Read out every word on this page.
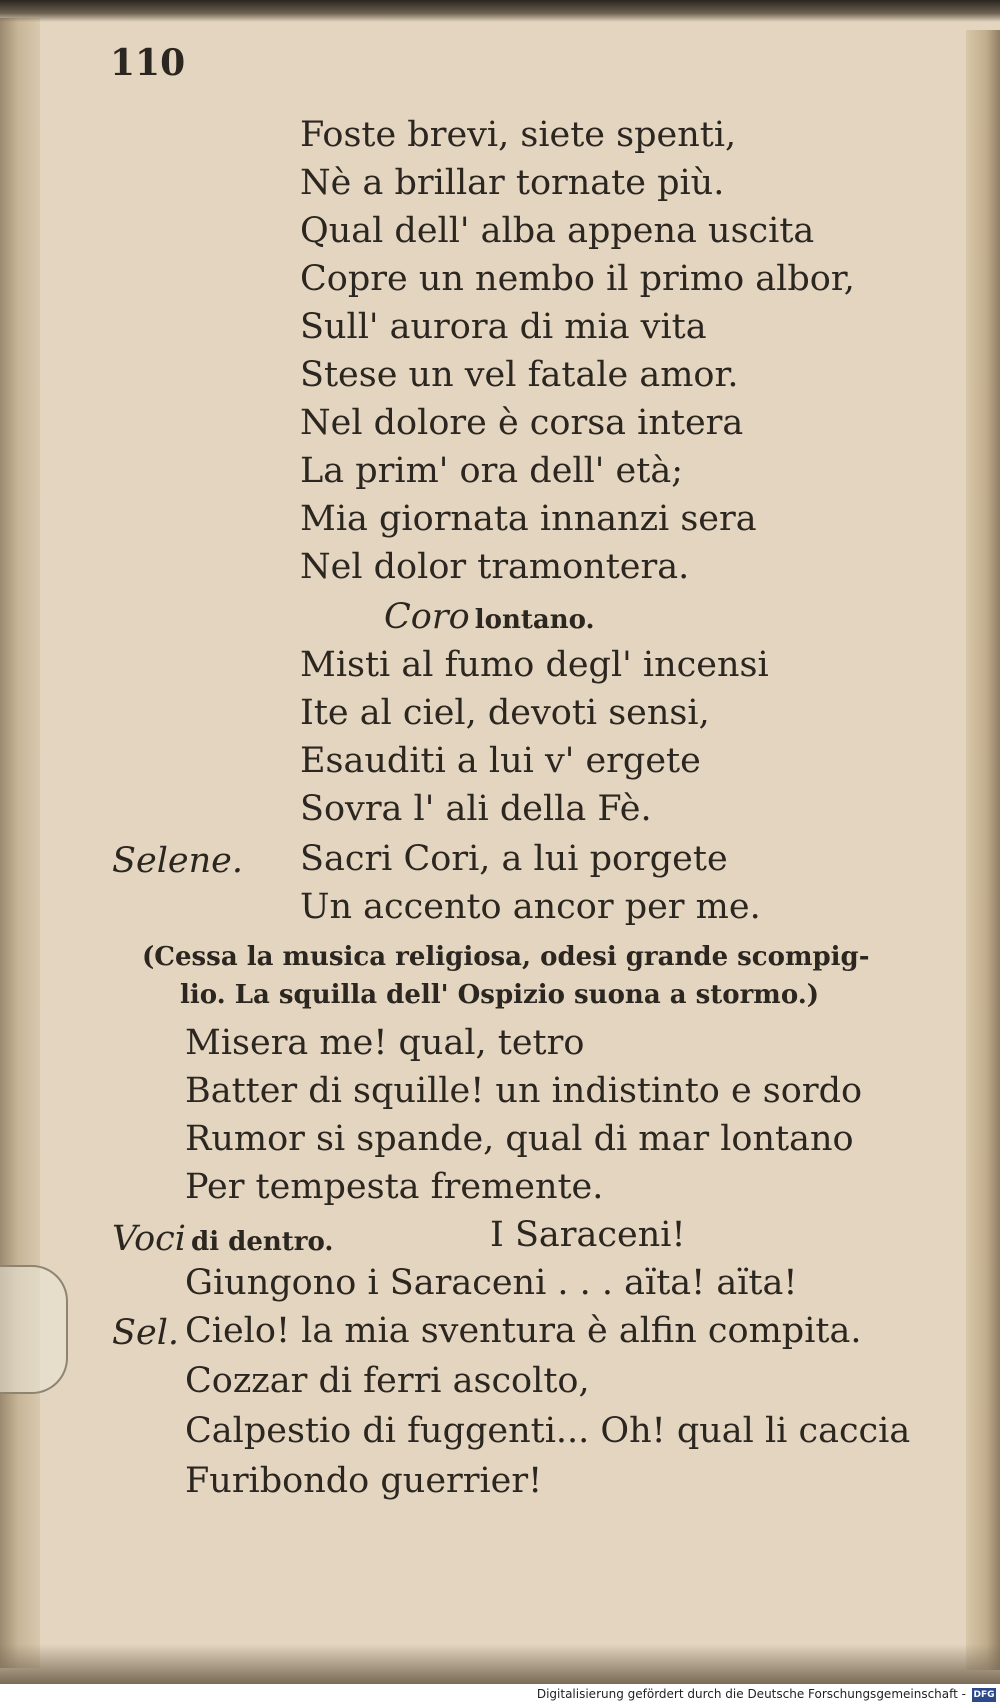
110
Foste brevi, siete spenti,
Nè a brillar tornate più.
Qual dell' alba appena uscita
Copre un nembo il primo albor,
Sull' aurora di mia vita
Stese un vel fatale amor.
Nel dolore è corsa intera
La prim' ora dell' età;
Mia giornata innanzi sera
Nel dolor tramontera.
Coro lontano.
Misti al fumo degl' incensi
Ite al ciel, devoti sensi,
Esauditi a lui v' ergete
Sovra l' ali della Fè.
Selene. Sacri Cori, a lui porgete
Un accento ancor per me.
(Cessa la musica religiosa, odesi grande scompig-
lio. La squilla dell' Ospizio suona a stormo.)
Misera me! qual, tetro
Batter di squille! un indistinto e sordo
Rumor si spande, qual di mar lontano
Per tempesta fremente.
Voci di dentro.	I Saraceni!
Giungono i Saraceni . . . aïta! aïta!
Sel. Cielo! la mia sventura è alfin compita.
Cozzar di ferri ascolto,
Calpestio di fuggenti... Oh! qual li caccia
Furibondo guerrier!
Digitalisierung gefördert durch die Deutsche Forschungsgemeinschaft - DFG
